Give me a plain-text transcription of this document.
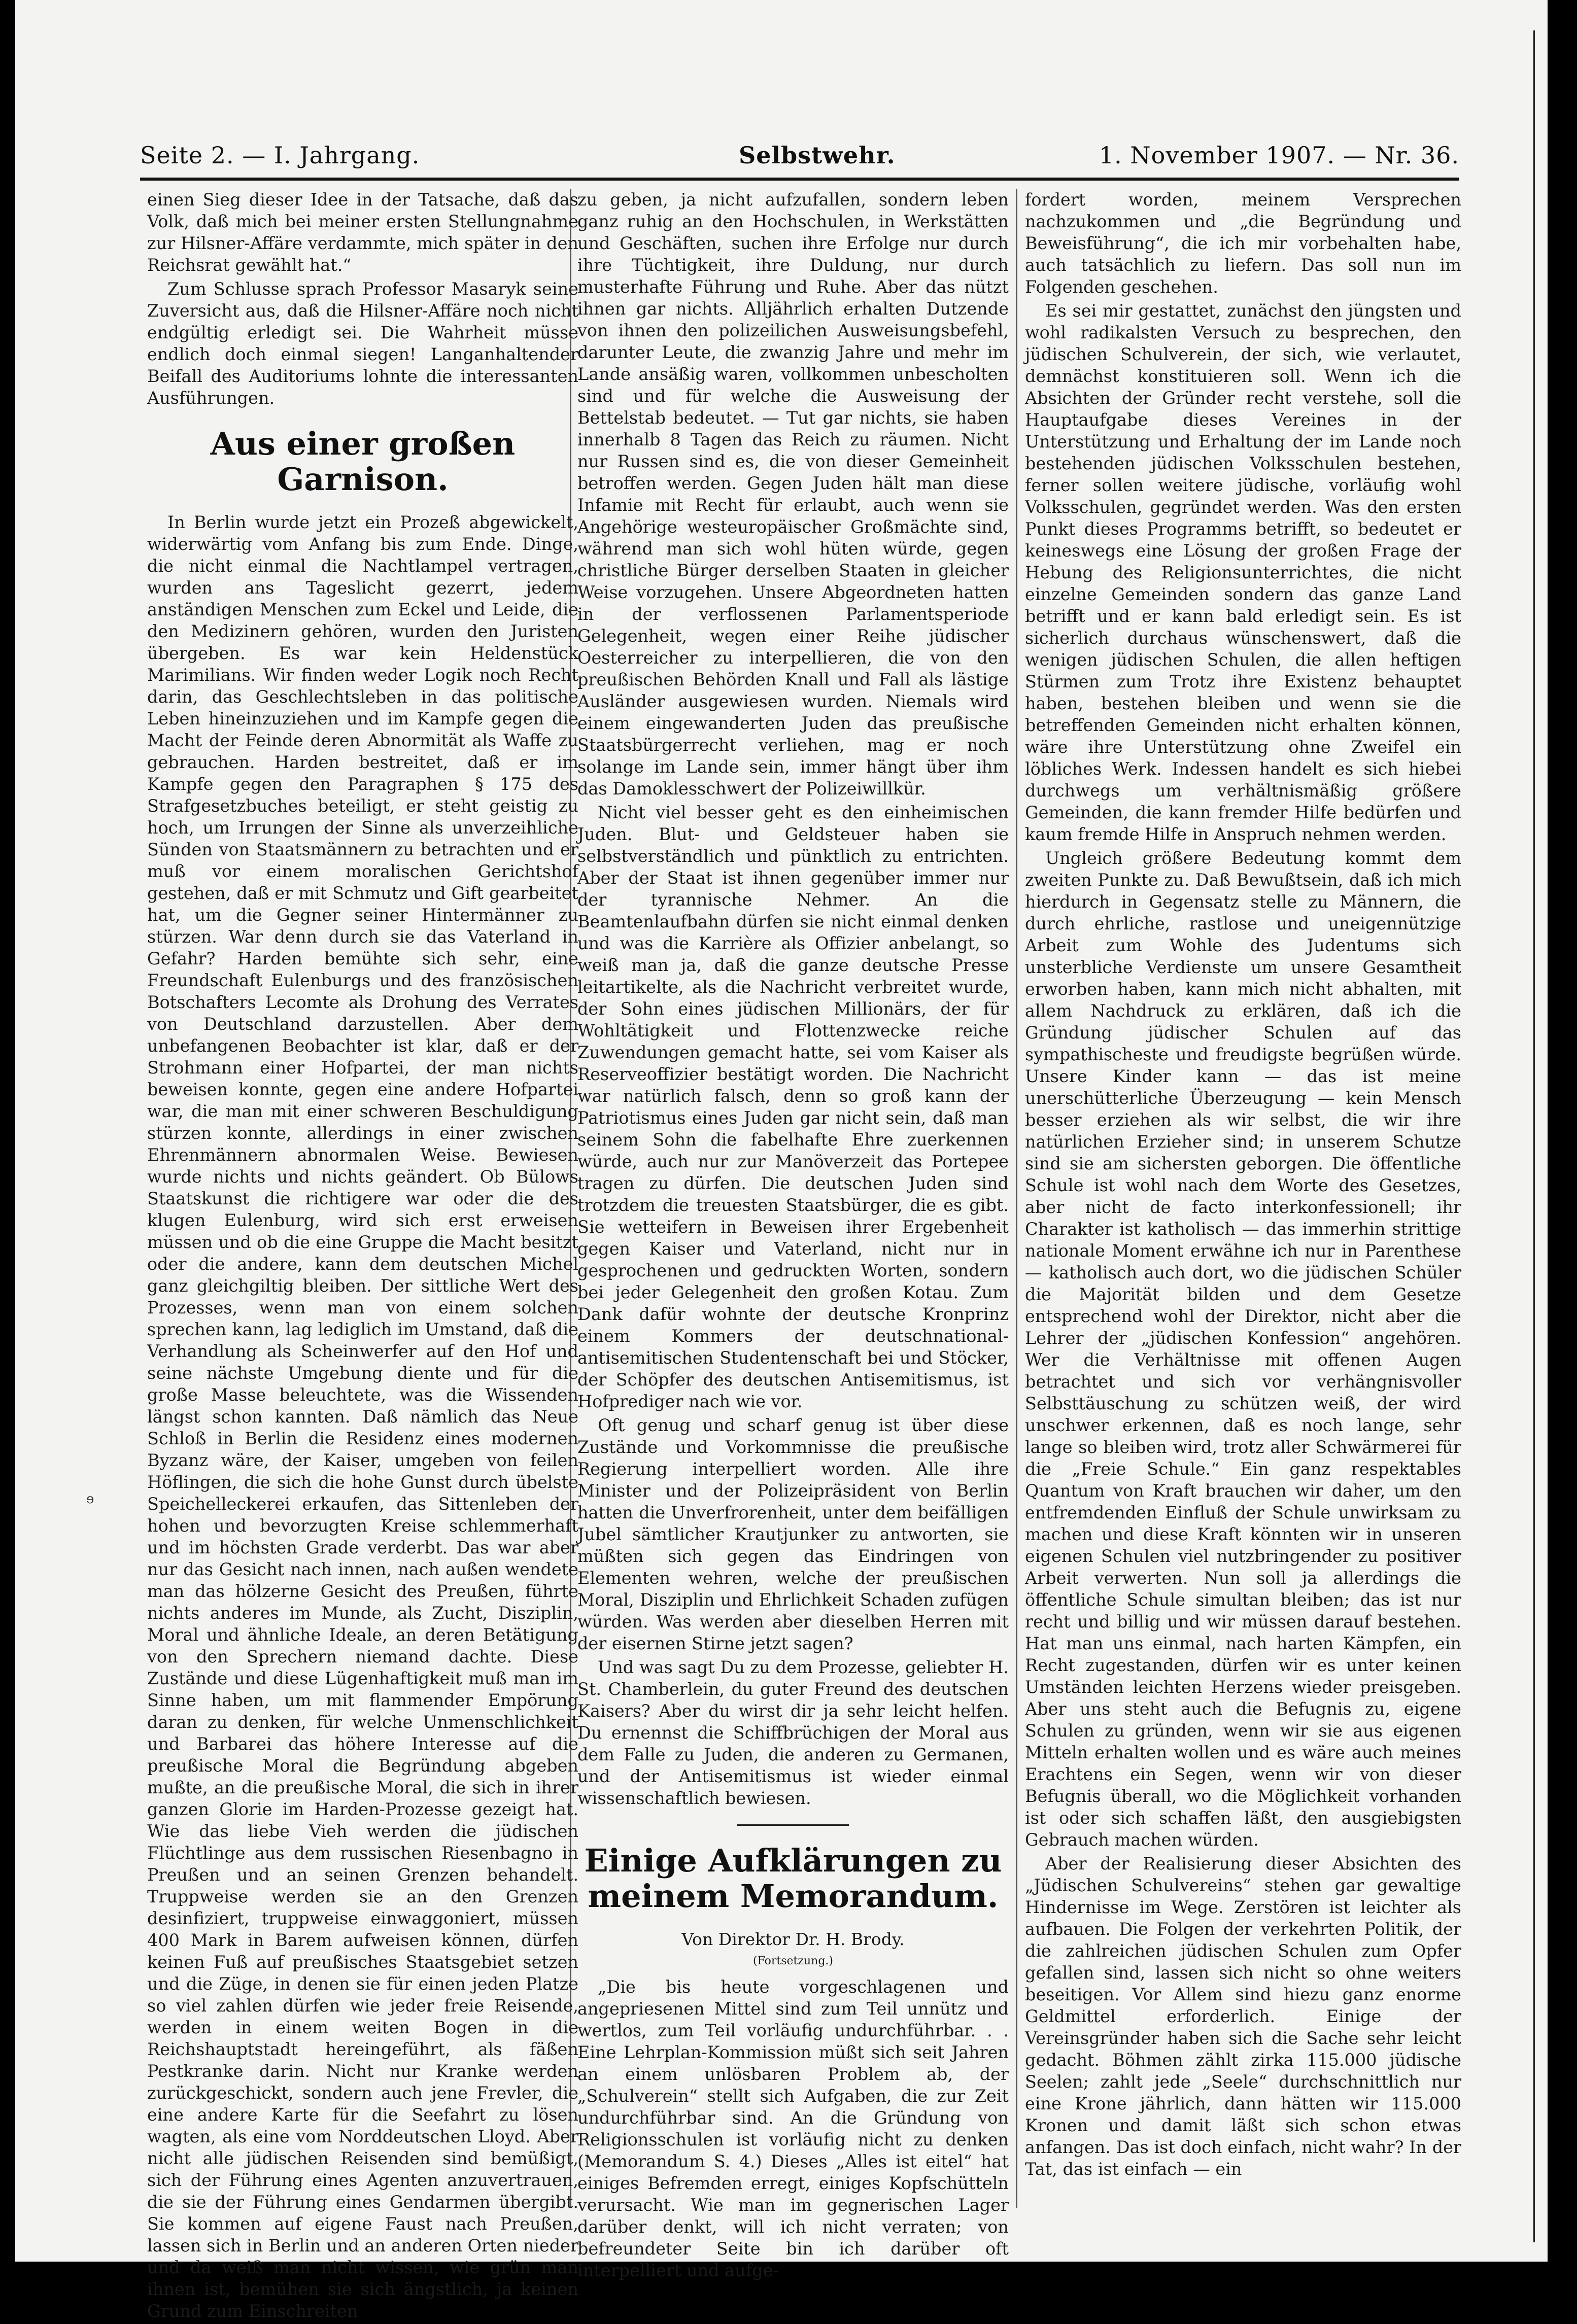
Seite 2. — I. Jahrgang.	Selbstwehr.	1. November 1907. — Nr. 36.

einen Sieg dieser Idee in der Tatsache, daß das Volk, daß mich bei meiner ersten Stellungnahme zur Hilsner-Affäre verdammte, mich später in den Reichsrat gewählt hat.“

Zum Schlusse sprach Professor Masaryk seine Zuversicht aus, daß die Hilsner-Affäre noch nicht endgültig erledigt sei. Die Wahrheit müsse endlich doch einmal siegen! Langanhaltender Beifall des Auditoriums lohnte die interessanten Ausführungen.

Aus einer großen Garnison.

In Berlin wurde jetzt ein Prozeß abgewickelt, widerwärtig vom Anfang bis zum Ende. Dinge, die nicht einmal die Nachtlampel vertragen, wurden ans Tageslicht gezerrt, jedem anständigen Menschen zum Eckel und Leide, die den Medizinern gehören, wurden den Juristen übergeben. Es war kein Heldenstück Marimilians. Wir finden weder Logik noch Recht darin, das Geschlechtsleben in das politische Leben hineinzuziehen und im Kampfe gegen die Macht der Feinde deren Abnormität als Waffe zu gebrauchen. Harden bestreitet, daß er im Kampfe gegen den Paragraphen § 175 des Strafgesetzbuches beteiligt, er steht geistig zu hoch, um Irrungen der Sinne als unverzeihliche Sünden von Staatsmännern zu betrachten und er muß vor einem moralischen Gerichtshof gestehen, daß er mit Schmutz und Gift gearbeitet hat, um die Gegner seiner Hintermänner zu stürzen. War denn durch sie das Vaterland in Gefahr? Harden bemühte sich sehr, eine Freundschaft Eulenburgs und des französischen Botschafters Lecomte als Drohung des Verrates von Deutschland darzustellen. Aber dem unbefangenen Beobachter ist klar, daß er der Strohmann einer Hofpartei, der man nichts beweisen konnte, gegen eine andere Hofpartei war, die man mit einer schweren Beschuldigung stürzen konnte, allerdings in einer zwischen Ehrenmännern abnormalen Weise. Bewiesen wurde nichts und nichts geändert. Ob Bülows Staatskunst die richtigere war oder die des klugen Eulenburg, wird sich erst erweisen müssen und ob die eine Gruppe die Macht besitzt oder die andere, kann dem deutschen Michel ganz gleichgiltig bleiben. Der sittliche Wert des Prozesses, wenn man von einem solchen sprechen kann, lag lediglich im Umstand, daß die Verhandlung als Scheinwerfer auf den Hof und seine nächste Umgebung diente und für die große Masse beleuchtete, was die Wissenden längst schon kannten. Daß nämlich das Neue Schloß in Berlin die Residenz eines modernen Byzanz wäre, der Kaiser, umgeben von feilen Höflingen, die sich die hohe Gunst durch übelste Speichelleckerei erkaufen, das Sittenleben der hohen und bevorzugten Kreise schlemmerhaft und im höchsten Grade verderbt. Das war aber nur das Gesicht nach innen, nach außen wendete man das hölzerne Gesicht des Preußen, führte nichts anderes im Munde, als Zucht, Disziplin, Moral und ähnliche Ideale, an deren Betätigung von den Sprechern niemand dachte. Diese Zustände und diese Lügenhaftigkeit muß man im Sinne haben, um mit flammender Empörung daran zu denken, für welche Unmenschlichkeit und Barbarei das höhere Interesse auf die preußische Moral die Begründung abgeben mußte, an die preußische Moral, die sich in ihrer ganzen Glorie im Harden-Prozesse gezeigt hat. Wie das liebe Vieh werden die jüdischen Flüchtlinge aus dem russischen Riesenbagno in Preußen und an seinen Grenzen behandelt. Truppweise werden sie an den Grenzen desinfiziert, truppweise einwaggoniert, müssen 400 Mark in Barem aufweisen können, dürfen keinen Fuß auf preußisches Staatsgebiet setzen und die Züge, in denen sie für einen jeden Platze so viel zahlen dürfen wie jeder freie Reisende, werden in einem weiten Bogen in die Reichshauptstadt hereingeführt, als fäßen Pestkranke darin. Nicht nur Kranke werden zurückgeschickt, sondern auch jene Frevler, die eine andere Karte für die Seefahrt zu lösen wagten, als eine vom Norddeutschen Lloyd. Aber nicht alle jüdischen Reisenden sind bemüßigt, sich der Führung eines Agenten anzuvertrauen, die sie der Führung eines Gendarmen übergibt. Sie kommen auf eigene Faust nach Preußen, lassen sich in Berlin und an anderen Orten nieder und da weiß man nicht wissen, wie grün man ihnen ist, bemühen sie sich ängstlich, ja keinen Grund zum Einschreiten

zu geben, ja nicht aufzufallen, sondern leben ganz ruhig an den Hochschulen, in Werkstätten und Geschäften, suchen ihre Erfolge nur durch ihre Tüchtigkeit, ihre Duldung, nur durch musterhafte Führung und Ruhe. Aber das nützt ihnen gar nichts. Alljährlich erhalten Dutzende von ihnen den polizeilichen Ausweisungsbefehl, darunter Leute, die zwanzig Jahre und mehr im Lande ansäßig waren, vollkommen unbescholten sind und für welche die Ausweisung der Bettelstab bedeutet. — Tut gar nichts, sie haben innerhalb 8 Tagen das Reich zu räumen. Nicht nur Russen sind es, die von dieser Gemeinheit betroffen werden. Gegen Juden hält man diese Infamie mit Recht für erlaubt, auch wenn sie Angehörige westeuropäischer Großmächte sind, während man sich wohl hüten würde, gegen christliche Bürger derselben Staaten in gleicher Weise vorzugehen. Unsere Abgeordneten hatten in der verflossenen Parlamentsperiode Gelegenheit, wegen einer Reihe jüdischer Oesterreicher zu interpellieren, die von den preußischen Behörden Knall und Fall als lästige Ausländer ausgewiesen wurden. Niemals wird einem eingewanderten Juden das preußische Staatsbürgerrecht verliehen, mag er noch solange im Lande sein, immer hängt über ihm das Damoklesschwert der Polizeiwillkür.

Nicht viel besser geht es den einheimischen Juden. Blut- und Geldsteuer haben sie selbstverständlich und pünktlich zu entrichten. Aber der Staat ist ihnen gegenüber immer nur der tyrannische Nehmer. An die Beamtenlaufbahn dürfen sie nicht einmal denken und was die Karrière als Offizier anbelangt, so weiß man ja, daß die ganze deutsche Presse leitartikelte, als die Nachricht verbreitet wurde, der Sohn eines jüdischen Millionärs, der für Wohltätigkeit und Flottenzwecke reiche Zuwendungen gemacht hatte, sei vom Kaiser als Reserveoffizier bestätigt worden. Die Nachricht war natürlich falsch, denn so groß kann der Patriotismus eines Juden gar nicht sein, daß man seinem Sohn die fabelhafte Ehre zuerkennen würde, auch nur zur Manöverzeit das Portepee tragen zu dürfen. Die deutschen Juden sind trotzdem die treuesten Staatsbürger, die es gibt. Sie wetteifern in Beweisen ihrer Ergebenheit gegen Kaiser und Vaterland, nicht nur in gesprochenen und gedruckten Worten, sondern bei jeder Gelegenheit den großen Kotau. Zum Dank dafür wohnte der deutsche Kronprinz einem Kommers der deutschnational-antisemitischen Studentenschaft bei und Stöcker, der Schöpfer des deutschen Antisemitismus, ist Hofprediger nach wie vor.

Oft genug und scharf genug ist über diese Zustände und Vorkommnisse die preußische Regierung interpelliert worden. Alle ihre Minister und der Polizeipräsident von Berlin hatten die Unverfrorenheit, unter dem beifälligen Jubel sämtlicher Krautjunker zu antworten, sie müßten sich gegen das Eindringen von Elementen wehren, welche der preußischen Moral, Disziplin und Ehrlichkeit Schaden zufügen würden. Was werden aber dieselben Herren mit der eisernen Stirne jetzt sagen?

Und was sagt Du zu dem Prozesse, geliebter H. St. Chamberlein, du guter Freund des deutschen Kaisers? Aber du wirst dir ja sehr leicht helfen. Du ernennst die Schiffbrüchigen der Moral aus dem Falle zu Juden, die anderen zu Germanen, und der Antisemitismus ist wieder einmal wissenschaftlich bewiesen.

Einige Aufklärungen zu meinem Memorandum.

Von Direktor Dr. H. Brody.

(Fortsetzung.)

„Die bis heute vorgeschlagenen und angepriesenen Mittel sind zum Teil unnütz und wertlos, zum Teil vorläufig undurchführbar. . . Eine Lehrplan-Kommission müßt sich seit Jahren an einem unlösbaren Problem ab, der „Schulverein“ stellt sich Aufgaben, die zur Zeit undurchführbar sind. An die Gründung von Religionsschulen ist vorläufig nicht zu denken (Memorandum S. 4.) Dieses „Alles ist eitel“ hat einiges Befremden erregt, einiges Kopfschütteln verursacht. Wie man im gegnerischen Lager darüber denkt, will ich nicht verraten; von befreundeter Seite bin ich darüber oft interpelliert und aufge-

fordert worden, meinem Versprechen nachzukommen und „die Begründung und Beweisführung“, die ich mir vorbehalten habe, auch tatsächlich zu liefern. Das soll nun im Folgenden geschehen.

Es sei mir gestattet, zunächst den jüngsten und wohl radikalsten Versuch zu besprechen, den jüdischen Schulverein, der sich, wie verlautet, demnächst konstituieren soll. Wenn ich die Absichten der Gründer recht verstehe, soll die Hauptaufgabe dieses Vereines in der Unterstützung und Erhaltung der im Lande noch bestehenden jüdischen Volksschulen bestehen, ferner sollen weitere jüdische, vorläufig wohl Volksschulen, gegründet werden. Was den ersten Punkt dieses Programms betrifft, so bedeutet er keineswegs eine Lösung der großen Frage der Hebung des Religionsunterrichtes, die nicht einzelne Gemeinden sondern das ganze Land betrifft und er kann bald erledigt sein. Es ist sicherlich durchaus wünschenswert, daß die wenigen jüdischen Schulen, die allen heftigen Stürmen zum Trotz ihre Existenz behauptet haben, bestehen bleiben und wenn sie die betreffenden Gemeinden nicht erhalten können, wäre ihre Unterstützung ohne Zweifel ein löbliches Werk. Indessen handelt es sich hiebei durchwegs um verhältnismäßig größere Gemeinden, die kann fremder Hilfe bedürfen und kaum fremde Hilfe in Anspruch nehmen werden.

Ungleich größere Bedeutung kommt dem zweiten Punkte zu. Daß Bewußtsein, daß ich mich hierdurch in Gegensatz stelle zu Männern, die durch ehrliche, rastlose und uneigennützige Arbeit zum Wohle des Judentums sich unsterbliche Verdienste um unsere Gesamtheit erworben haben, kann mich nicht abhalten, mit allem Nachdruck zu erklären, daß ich die Gründung jüdischer Schulen auf das sympathischeste und freudigste begrüßen würde. Unsere Kinder kann — das ist meine unerschütterliche Überzeugung — kein Mensch besser erziehen als wir selbst, die wir ihre natürlichen Erzieher sind; in unserem Schutze sind sie am sichersten geborgen. Die öffentliche Schule ist wohl nach dem Worte des Gesetzes, aber nicht de facto interkonfessionell; ihr Charakter ist katholisch — das immerhin strittige nationale Moment erwähne ich nur in Parenthese — katholisch auch dort, wo die jüdischen Schüler die Majorität bilden und dem Gesetze entsprechend wohl der Direktor, nicht aber die Lehrer der „jüdischen Konfession“ angehören. Wer die Verhältnisse mit offenen Augen betrachtet und sich vor verhängnisvoller Selbsttäuschung zu schützen weiß, der wird unschwer erkennen, daß es noch lange, sehr lange so bleiben wird, trotz aller Schwärmerei für die „Freie Schule.“ Ein ganz respektables Quantum von Kraft brauchen wir daher, um den entfremdenden Einfluß der Schule unwirksam zu machen und diese Kraft könnten wir in unseren eigenen Schulen viel nutzbringender zu positiver Arbeit verwerten. Nun soll ja allerdings die öffentliche Schule simultan bleiben; das ist nur recht und billig und wir müssen darauf bestehen. Hat man uns einmal, nach harten Kämpfen, ein Recht zugestanden, dürfen wir es unter keinen Umständen leichten Herzens wieder preisgeben. Aber uns steht auch die Befugnis zu, eigene Schulen zu gründen, wenn wir sie aus eigenen Mitteln erhalten wollen und es wäre auch meines Erachtens ein Segen, wenn wir von dieser Befugnis überall, wo die Möglichkeit vorhanden ist oder sich schaffen läßt, den ausgiebigsten Gebrauch machen würden.

Aber der Realisierung dieser Absichten des „Jüdischen Schulvereins“ stehen gar gewaltige Hindernisse im Wege. Zerstören ist leichter als aufbauen. Die Folgen der verkehrten Politik, der die zahlreichen jüdischen Schulen zum Opfer gefallen sind, lassen sich nicht so ohne weiters beseitigen. Vor Allem sind hiezu ganz enorme Geldmittel erforderlich. Einige der Vereinsgründer haben sich die Sache sehr leicht gedacht. Böhmen zählt zirka 115.000 jüdische Seelen; zahlt jede „Seele“ durchschnittlich nur eine Krone jährlich, dann hätten wir 115.000 Kronen und damit läßt sich schon etwas anfangen. Das ist doch einfach, nicht wahr? In der Tat, das ist einfach — ein

ɘ
